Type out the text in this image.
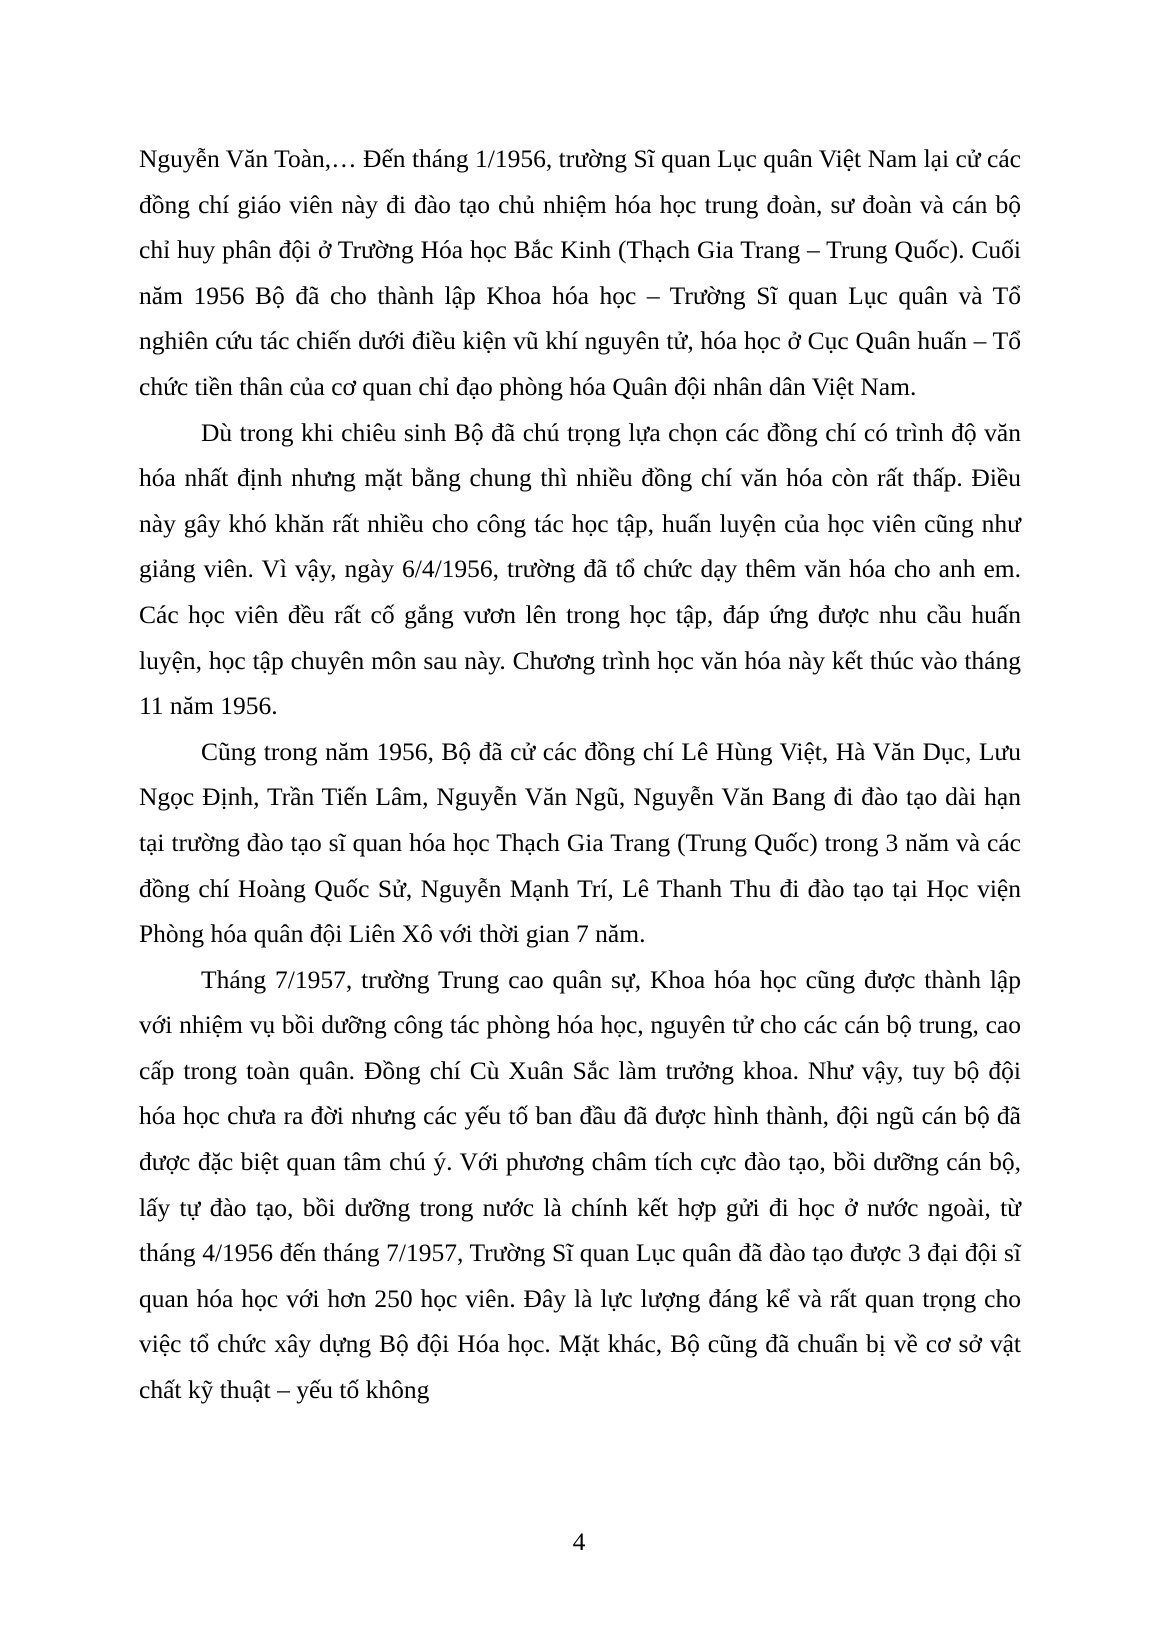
Nguyễn Văn Toàn,… Đến tháng 1/1956, trường Sĩ quan Lục quân Việt Nam lại cử các đồng chí giáo viên này đi đào tạo chủ nhiệm hóa học trung đoàn, sư đoàn và cán bộ chỉ huy phân đội ở Trường Hóa học Bắc Kinh (Thạch Gia Trang – Trung Quốc). Cuối năm 1956 Bộ đã cho thành lập Khoa hóa học – Trường Sĩ quan Lục quân và Tổ nghiên cứu tác chiến dưới điều kiện vũ khí nguyên tử, hóa học ở Cục Quân huấn – Tổ chức tiền thân của cơ quan chỉ đạo phòng hóa Quân đội nhân dân Việt Nam.

Dù trong khi chiêu sinh Bộ đã chú trọng lựa chọn các đồng chí có trình độ văn hóa nhất định nhưng mặt bằng chung thì nhiều đồng chí văn hóa còn rất thấp. Điều này gây khó khăn rất nhiều cho công tác học tập, huấn luyện của học viên cũng như giảng viên. Vì vậy, ngày 6/4/1956, trường đã tổ chức dạy thêm văn hóa cho anh em. Các học viên đều rất cố gắng vươn lên trong học tập, đáp ứng được nhu cầu huấn luyện, học tập chuyên môn sau này. Chương trình học văn hóa này kết thúc vào tháng 11 năm 1956.

Cũng trong năm 1956, Bộ đã cử các đồng chí Lê Hùng Việt, Hà Văn Dục, Lưu Ngọc Định, Trần Tiến Lâm, Nguyễn Văn Ngũ, Nguyễn Văn Bang đi đào tạo dài hạn tại trường đào tạo sĩ quan hóa học Thạch Gia Trang (Trung Quốc) trong 3 năm và các đồng chí Hoàng Quốc Sử, Nguyễn Mạnh Trí, Lê Thanh Thu đi đào tạo tại Học viện Phòng hóa quân đội Liên Xô với thời gian 7 năm.

Tháng 7/1957, trường Trung cao quân sự, Khoa hóa học cũng được thành lập với nhiệm vụ bồi dưỡng công tác phòng hóa học, nguyên tử cho các cán bộ trung, cao cấp trong toàn quân. Đồng chí Cù Xuân Sắc làm trưởng khoa. Như vậy, tuy bộ đội hóa học chưa ra đời nhưng các yếu tố ban đầu đã được hình thành, đội ngũ cán bộ đã được đặc biệt quan tâm chú ý. Với phương châm tích cực đào tạo, bồi dưỡng cán bộ, lấy tự đào tạo, bồi dưỡng trong nước là chính kết hợp gửi đi học ở nước ngoài, từ tháng 4/1956 đến tháng 7/1957, Trường Sĩ quan Lục quân đã đào tạo được 3 đại đội sĩ quan hóa học với hơn 250 học viên. Đây là lực lượng đáng kể và rất quan trọng cho việc tổ chức xây dựng Bộ đội Hóa học. Mặt khác, Bộ cũng đã chuẩn bị về cơ sở vật chất kỹ thuật – yếu tố không

4
